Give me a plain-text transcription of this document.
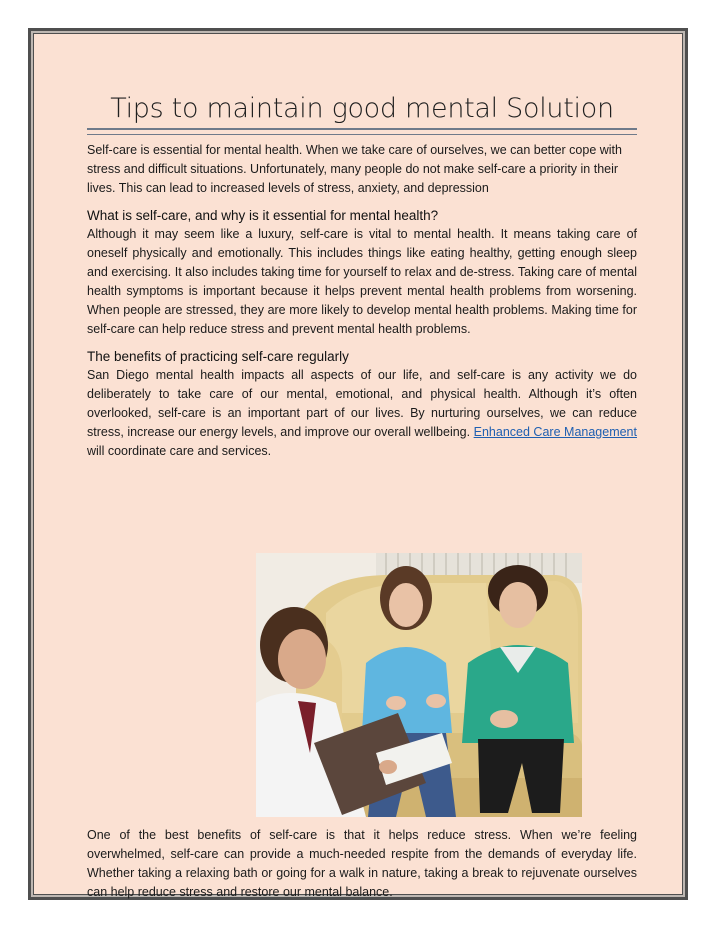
Tips to maintain good mental Solution

Self-care is essential for mental health. When we take care of ourselves, we can better cope with stress and difficult situations. Unfortunately, many people do not make self-care a priority in their lives. This can lead to increased levels of stress, anxiety, and depression

What is self-care, and why is it essential for mental health?

Although it may seem like a luxury, self-care is vital to mental health. It means taking care of oneself physically and emotionally. This includes things like eating healthy, getting enough sleep and exercising. It also includes taking time for yourself to relax and de-stress. Taking care of mental health symptoms is important because it helps prevent mental health problems from worsening. When people are stressed, they are more likely to develop mental health problems. Making time for self-care can help reduce stress and prevent mental health problems.

The benefits of practicing self-care regularly

San Diego mental health impacts all aspects of our life, and self-care is any activity we do deliberately to take care of our mental, emotional, and physical health. Although it’s often overlooked, self-care is an important part of our lives. By nurturing ourselves, we can reduce stress, increase our energy levels, and improve our overall wellbeing. Enhanced Care Management will coordinate care and services.

One of the best benefits of self-care is that it helps reduce stress. When we’re feeling overwhelmed, self-care can provide a much-needed respite from the demands of everyday life. Whether taking a relaxing bath or going for a walk in nature, taking a break to rejuvenate ourselves can help reduce stress and restore our mental balance.
